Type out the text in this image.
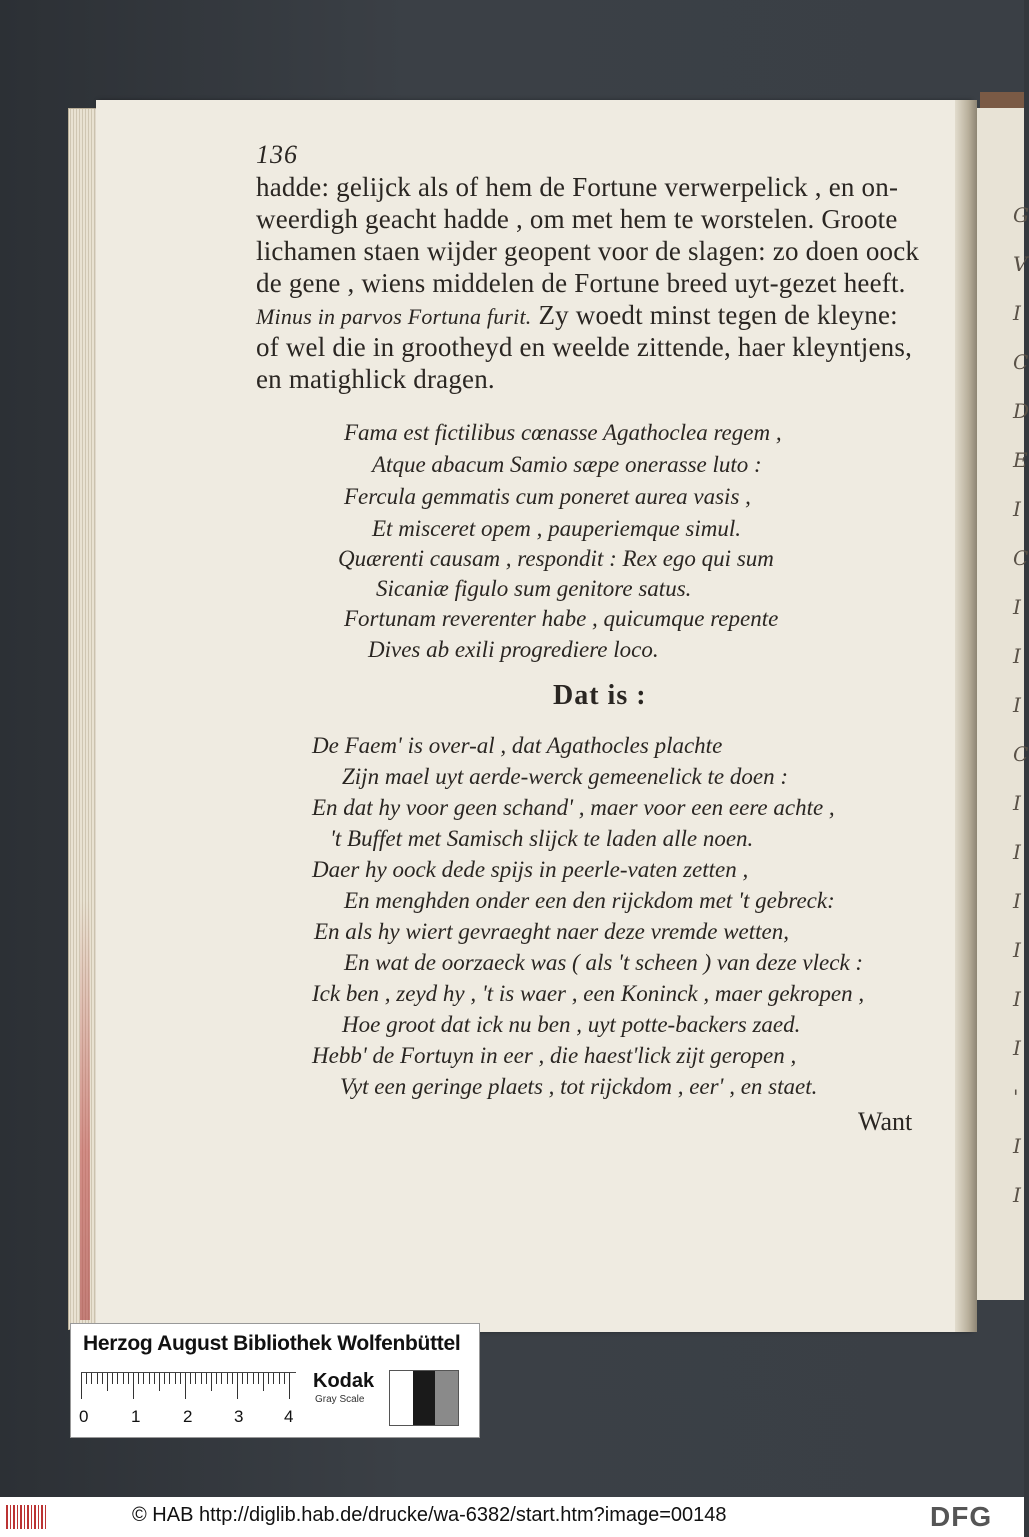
G
V
I
C
D
E
I
C
I
I
I
C
I
I
I
I
I
I
'
I
I
136
hadde: gelijck als of hem de Fortune verwerpelick , en on-
weerdigh geacht hadde , om met hem te worstelen. Groote
lichamen staen wijder geopent voor de slagen: zo doen oock
de gene , wiens middelen de Fortune breed uyt-gezet heeft.
Minus in parvos Fortuna furit. Zy woedt minst tegen de kleyne:
of wel die in grootheyd en weelde zittende, haer kleyntjens,
en matighlick dragen.
Fama est fictilibus cœnasse Agathoclea regem ,
Atque abacum Samio sæpe onerasse luto :
Fercula gemmatis cum poneret aurea vasis ,
Et misceret opem , pauperiemque simul.
Quærenti causam , respondit : Rex ego qui sum
Sicaniæ figulo sum genitore satus.
Fortunam reverenter habe , quicumque repente
Dives ab exili progrediere loco.
Dat is :
De Faem' is over-al , dat Agathocles plachte
Zijn mael uyt aerde-werck gemeenelick te doen :
En dat hy voor geen schand' , maer voor een eere achte ,
't Buffet met Samisch slijck te laden alle noen.
Daer hy oock dede spijs in peerle-vaten zetten ,
En menghden onder een den rijckdom met 't gebreck:
En als hy wiert gevraeght naer deze vremde wetten,
En wat de oorzaeck was ( als 't scheen ) van deze vleck :
Ick ben , zeyd hy , 't is waer , een Koninck , maer gekropen ,
Hoe groot dat ick nu ben , uyt potte-backers zaed.
Hebb' de Fortuyn in eer , die haest'lick zijt geropen ,
Vyt een geringe plaets , tot rijckdom , eer' , en staet.
Want
Herzog August Bibliothek Wolfenbüttel
0	1	2 3 4
Kodak
Gray Scale
© HAB http://diglib.hab.de/drucke/wa-6382/start.htm?image=00148	DFG
